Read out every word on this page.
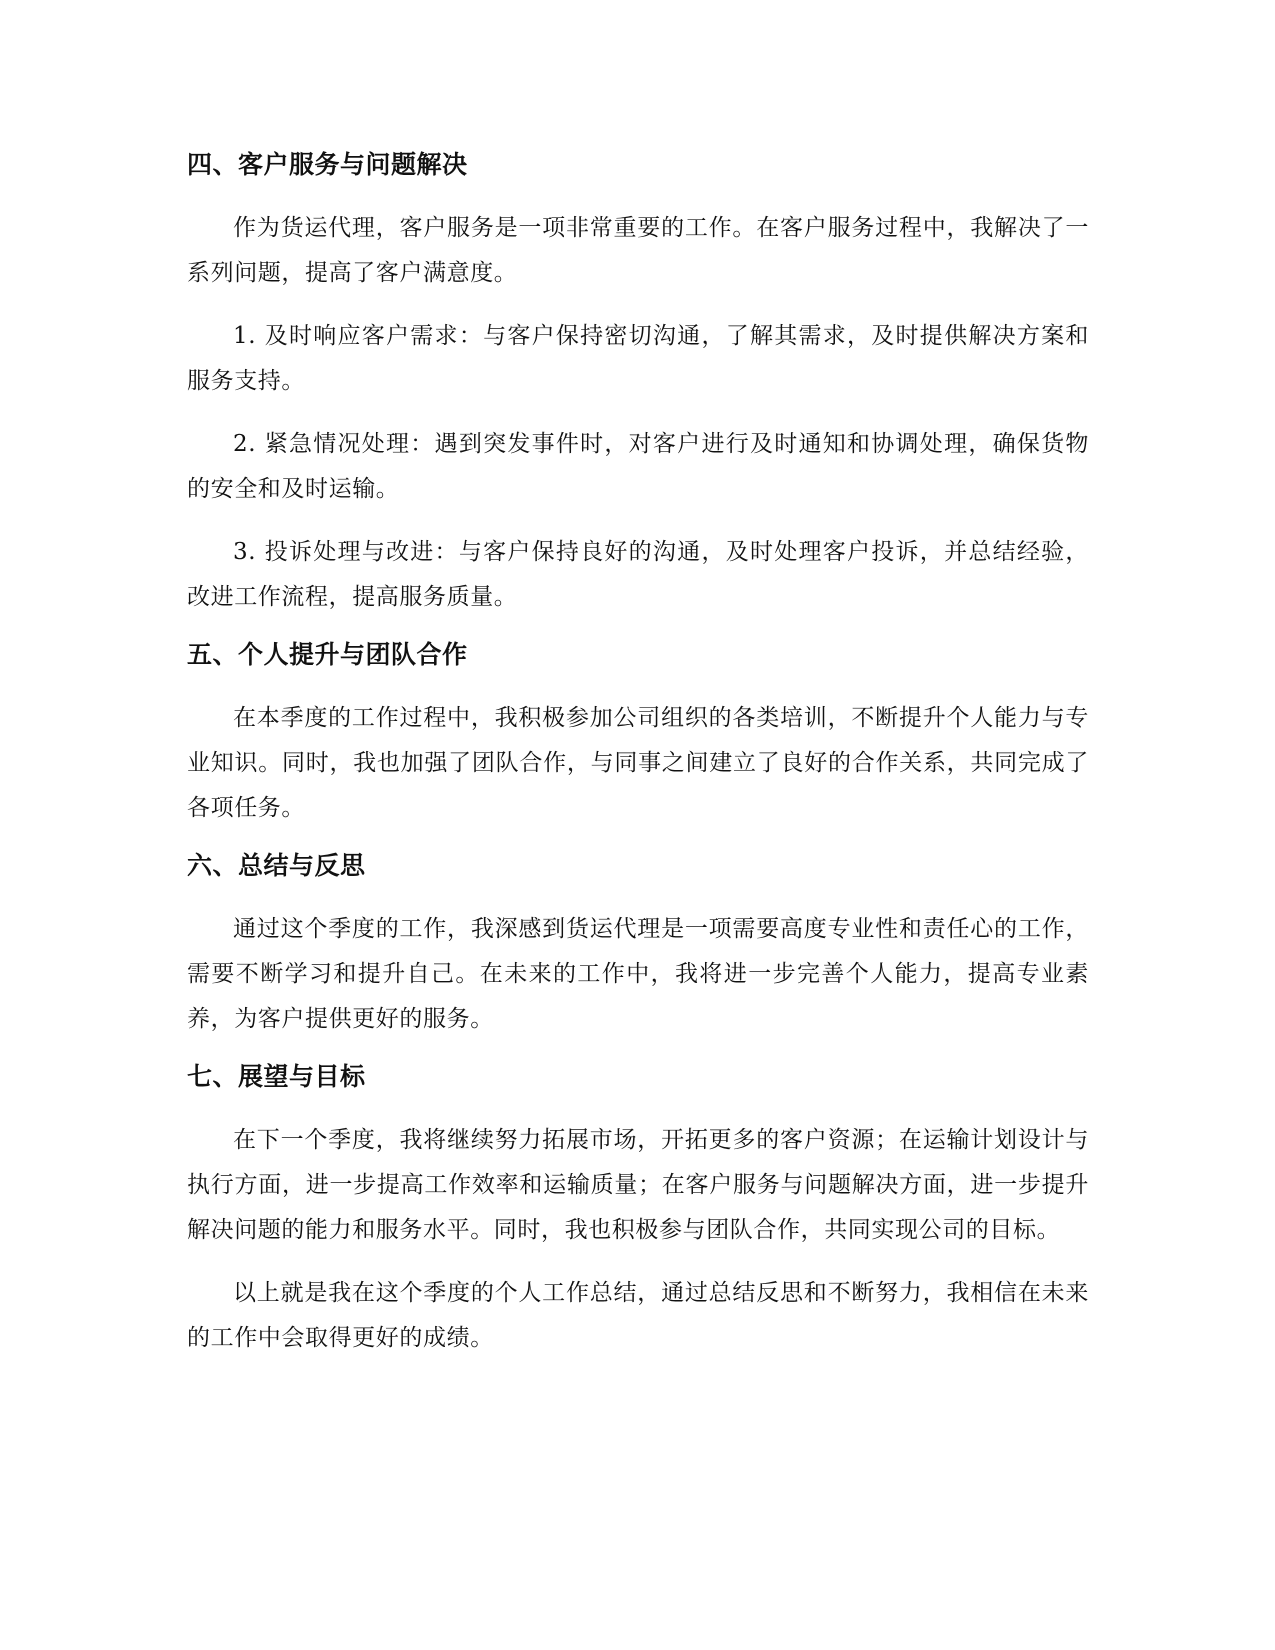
四、客户服务与问题解决

作为货运代理，客户服务是一项非常重要的工作。在客户服务过程中，我解决了一系列问题，提高了客户满意度。

1. 及时响应客户需求：与客户保持密切沟通，了解其需求，及时提供解决方案和服务支持。

2. 紧急情况处理：遇到突发事件时，对客户进行及时通知和协调处理，确保货物的安全和及时运输。

3. 投诉处理与改进：与客户保持良好的沟通，及时处理客户投诉，并总结经验，改进工作流程，提高服务质量。

五、个人提升与团队合作

在本季度的工作过程中，我积极参加公司组织的各类培训，不断提升个人能力与专业知识。同时，我也加强了团队合作，与同事之间建立了良好的合作关系，共同完成了各项任务。

六、总结与反思

通过这个季度的工作，我深感到货运代理是一项需要高度专业性和责任心的工作，需要不断学习和提升自己。在未来的工作中，我将进一步完善个人能力，提高专业素养，为客户提供更好的服务。

七、展望与目标

在下一个季度，我将继续努力拓展市场，开拓更多的客户资源；在运输计划设计与执行方面，进一步提高工作效率和运输质量；在客户服务与问题解决方面，进一步提升解决问题的能力和服务水平。同时，我也积极参与团队合作，共同实现公司的目标。

以上就是我在这个季度的个人工作总结，通过总结反思和不断努力，我相信在未来的工作中会取得更好的成绩。
